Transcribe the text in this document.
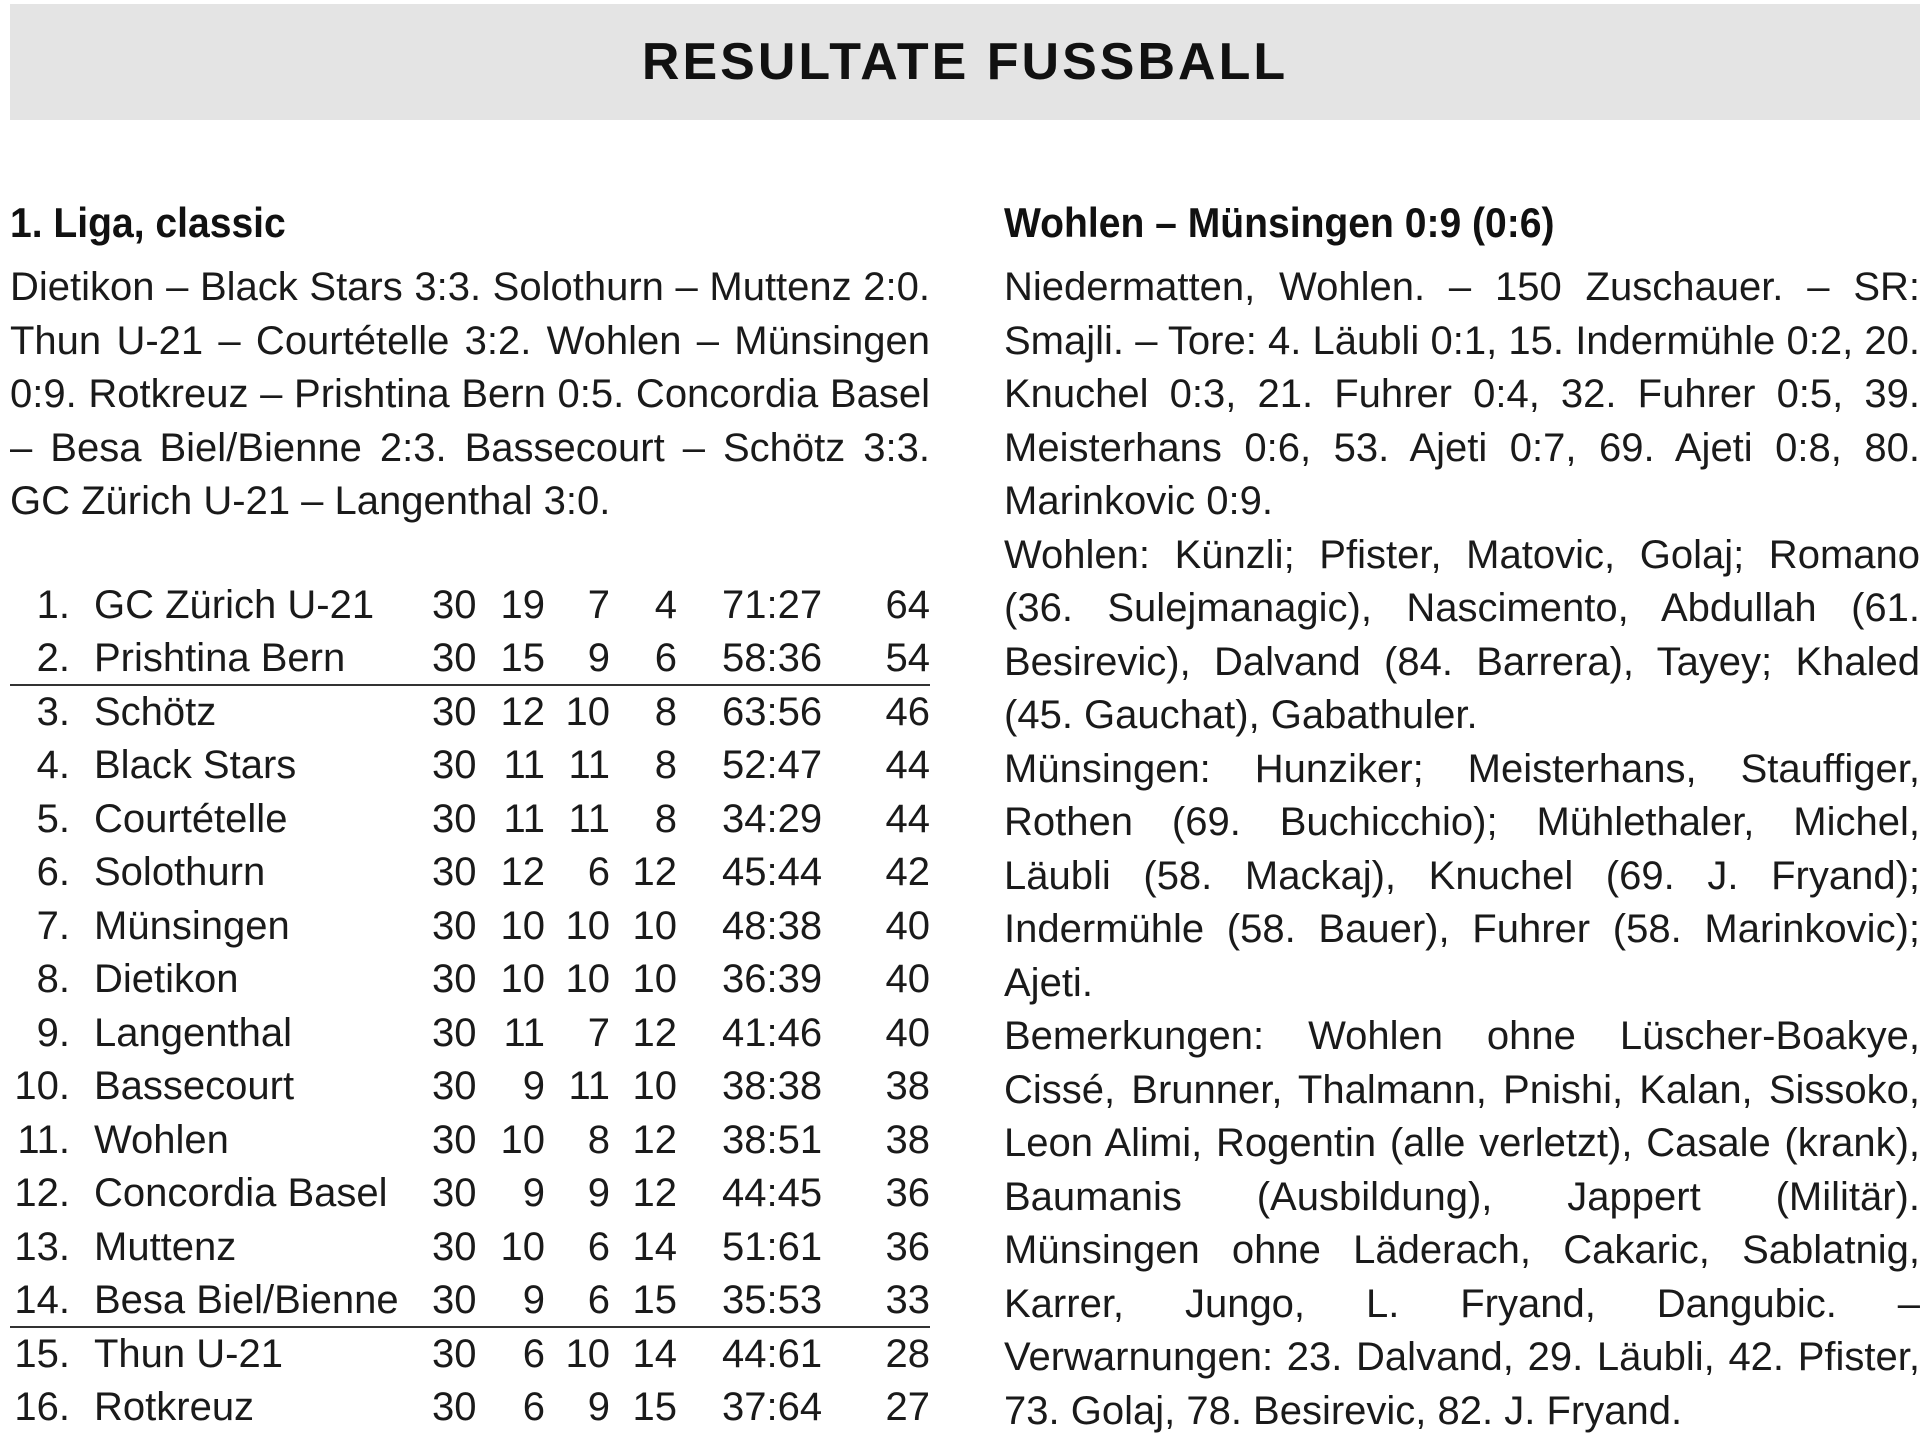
RESULTATE FUSSBALL
1. Liga, classic
Dietikon – Black Stars 3:3. Solothurn – Muttenz 2:0. Thun U-21 – Courtételle 3:2. Wohlen – Münsingen 0:9. Rotkreuz – Prishtina Bern 0:5. Concordia Basel – Besa Biel/Bienne 2:3. Bassecourt – Schötz 3:3. GC Zürich U-21 – Langenthal 3:0.
1. GC Zürich U-21 30 19 7 4 71:27 64
2. Prishtina Bern 30 15 9 6 58:36 54
3. Schötz	30 12 10 8 63:56 46
4. Black Stars	30 11 11 8 52:47 44
5. Courtételle	30 11 11 8 34:29 44
6. Solothurn	30 12 6 12 45:44 42
7. Münsingen	30 10 10 10 48:38 40
8. Dietikon	30 10 10 10 36:39 40
9. Langenthal	30 11 7 12 41:46 40
10. Bassecourt	30 9 11 10 38:38 38
11. Wohlen	30 10 8 12 38:51 38
12. Concordia Basel 30 9 9 12 44:45 36
13. Muttenz	30 10 6 14 51:61 36
14. Besa Biel/Bienne 30 9 6 15 35:53 33
15. Thun U-21	30 6 10 14 44:61 28
16. Rotkreuz	30 6 9 15 37:64 27
Wohlen – Münsingen 0:9 (0:6)
Niedermatten, Wohlen. – 150 Zuschauer. – SR: Smajli. – Tore: 4. Läubli 0:1, 15. Indermühle 0:2, 20. Knuchel 0:3, 21. Fuhrer 0:4, 32. Fuhrer 0:5, 39. Meisterhans 0:6, 53. Ajeti 0:7, 69. Ajeti 0:8, 80. Marinkovic 0:9.
Wohlen: Künzli; Pfister, Matovic, Golaj; Romano (36. Sulejmanagic), Nascimento, Abdullah (61. Besirevic), Dalvand (84. Barrera), Tayey; Khaled (45. Gauchat), Gabathuler.
Münsingen: Hunziker; Meisterhans, Stauffiger, Rothen (69. Buchicchio); Mühlethaler, Michel, Läubli (58. Mackaj), Knuchel (69. J. Fryand); Indermühle (58. Bauer), Fuhrer (58. Marinkovic); Ajeti.
Bemerkungen: Wohlen ohne Lüscher-Boakye, Cissé, Brunner, Thalmann, Pnishi, Kalan, Sissoko, Leon Alimi, Rogentin (alle verletzt), Casale (krank), Baumanis (Ausbildung), Jappert (Militär). Münsingen ohne Läderach, Cakaric, Sablatnig, Karrer, Jungo, L. Fryand, Dangubic. – Verwarnungen: 23. Dalvand, 29. Läubli, 42. Pfister, 73. Golaj, 78. Besirevic, 82. J. Fryand.
